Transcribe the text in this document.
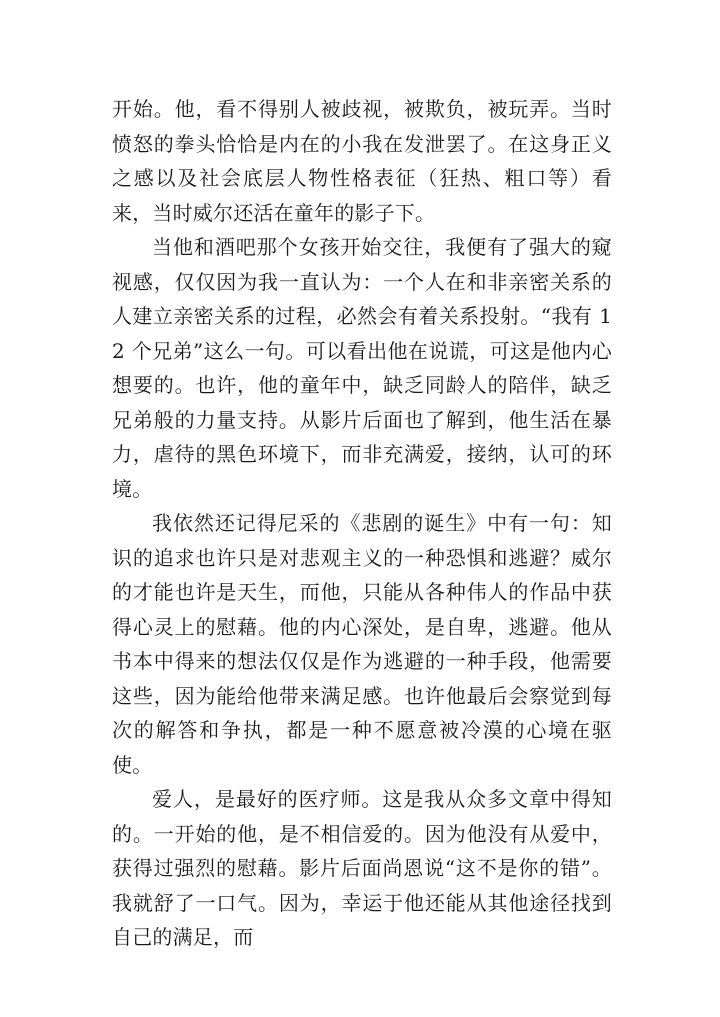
开始。他，看不得别人被歧视，被欺负，被玩弄。当时愤怒的拳头恰恰是内在的小我在发泄罢了。在这身正义之感以及社会底层人物性格表征（狂热、粗口等）看来，当时威尔还活在童年的影子下。

当他和酒吧那个女孩开始交往，我便有了强大的窥视感，仅仅因为我一直认为：一个人在和非亲密关系的人建立亲密关系的过程，必然会有着关系投射。“我有 12 个兄弟”这么一句。可以看出他在说谎，可这是他内心想要的。也许，他的童年中，缺乏同龄人的陪伴，缺乏兄弟般的力量支持。从影片后面也了解到，他生活在暴力，虐待的黑色环境下，而非充满爱，接纳，认可的环境。

我依然还记得尼采的《悲剧的诞生》中有一句：知识的追求也许只是对悲观主义的一种恐惧和逃避？威尔的才能也许是天生，而他，只能从各种伟人的作品中获得心灵上的慰藉。他的内心深处，是自卑，逃避。他从书本中得来的想法仅仅是作为逃避的一种手段，他需要这些，因为能给他带来满足感。也许他最后会察觉到每次的解答和争执，都是一种不愿意被冷漠的心境在驱使。

爱人，是最好的医疗师。这是我从众多文章中得知的。一开始的他，是不相信爱的。因为他没有从爱中，获得过强烈的慰藉。影片后面尚恩说“这不是你的错”。我就舒了一口气。因为，幸运于他还能从其他途径找到自己的满足，而
